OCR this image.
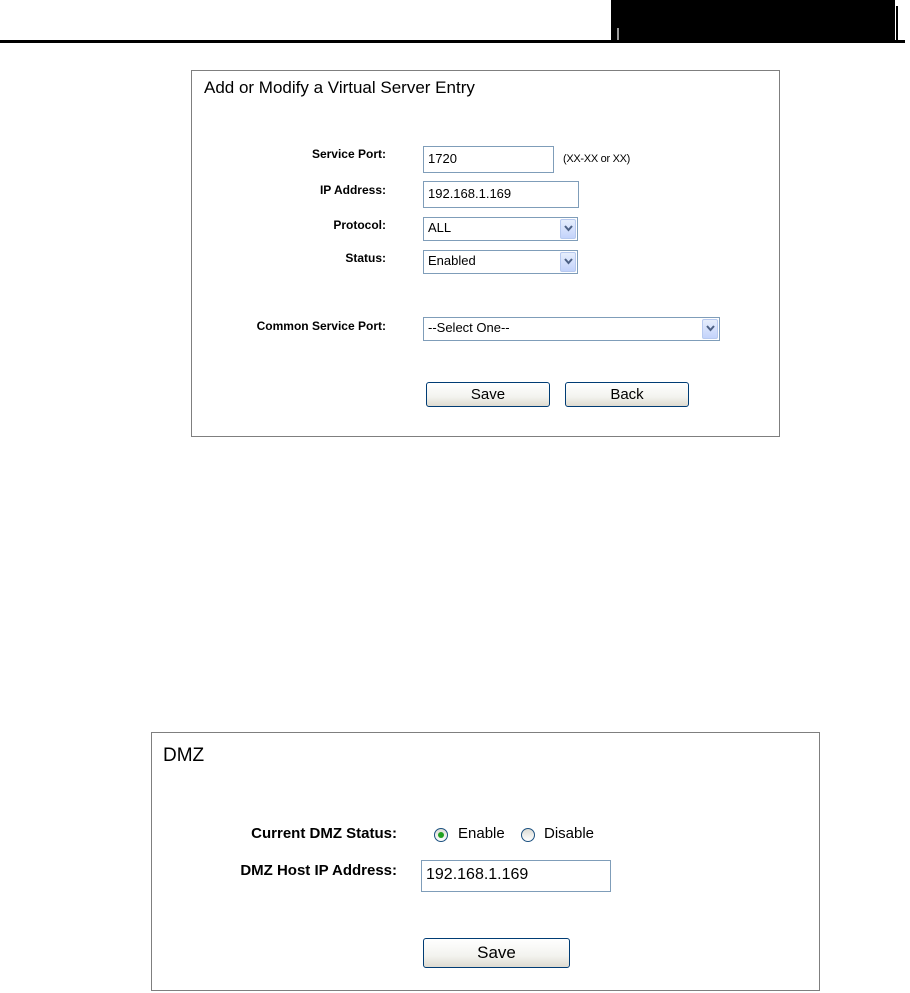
Add or Modify a Virtual Server Entry
Service Port:	1720	(XX-XX or XX)
IP Address:	192.168.1.169
Protocol:	ALL
Status:	Enabled
Common Service Port:	--Select One--
Save	Back
DMZ
Current DMZ Status:	Enable	Disable
DMZ Host IP Address:	192.168.1.169
Save
